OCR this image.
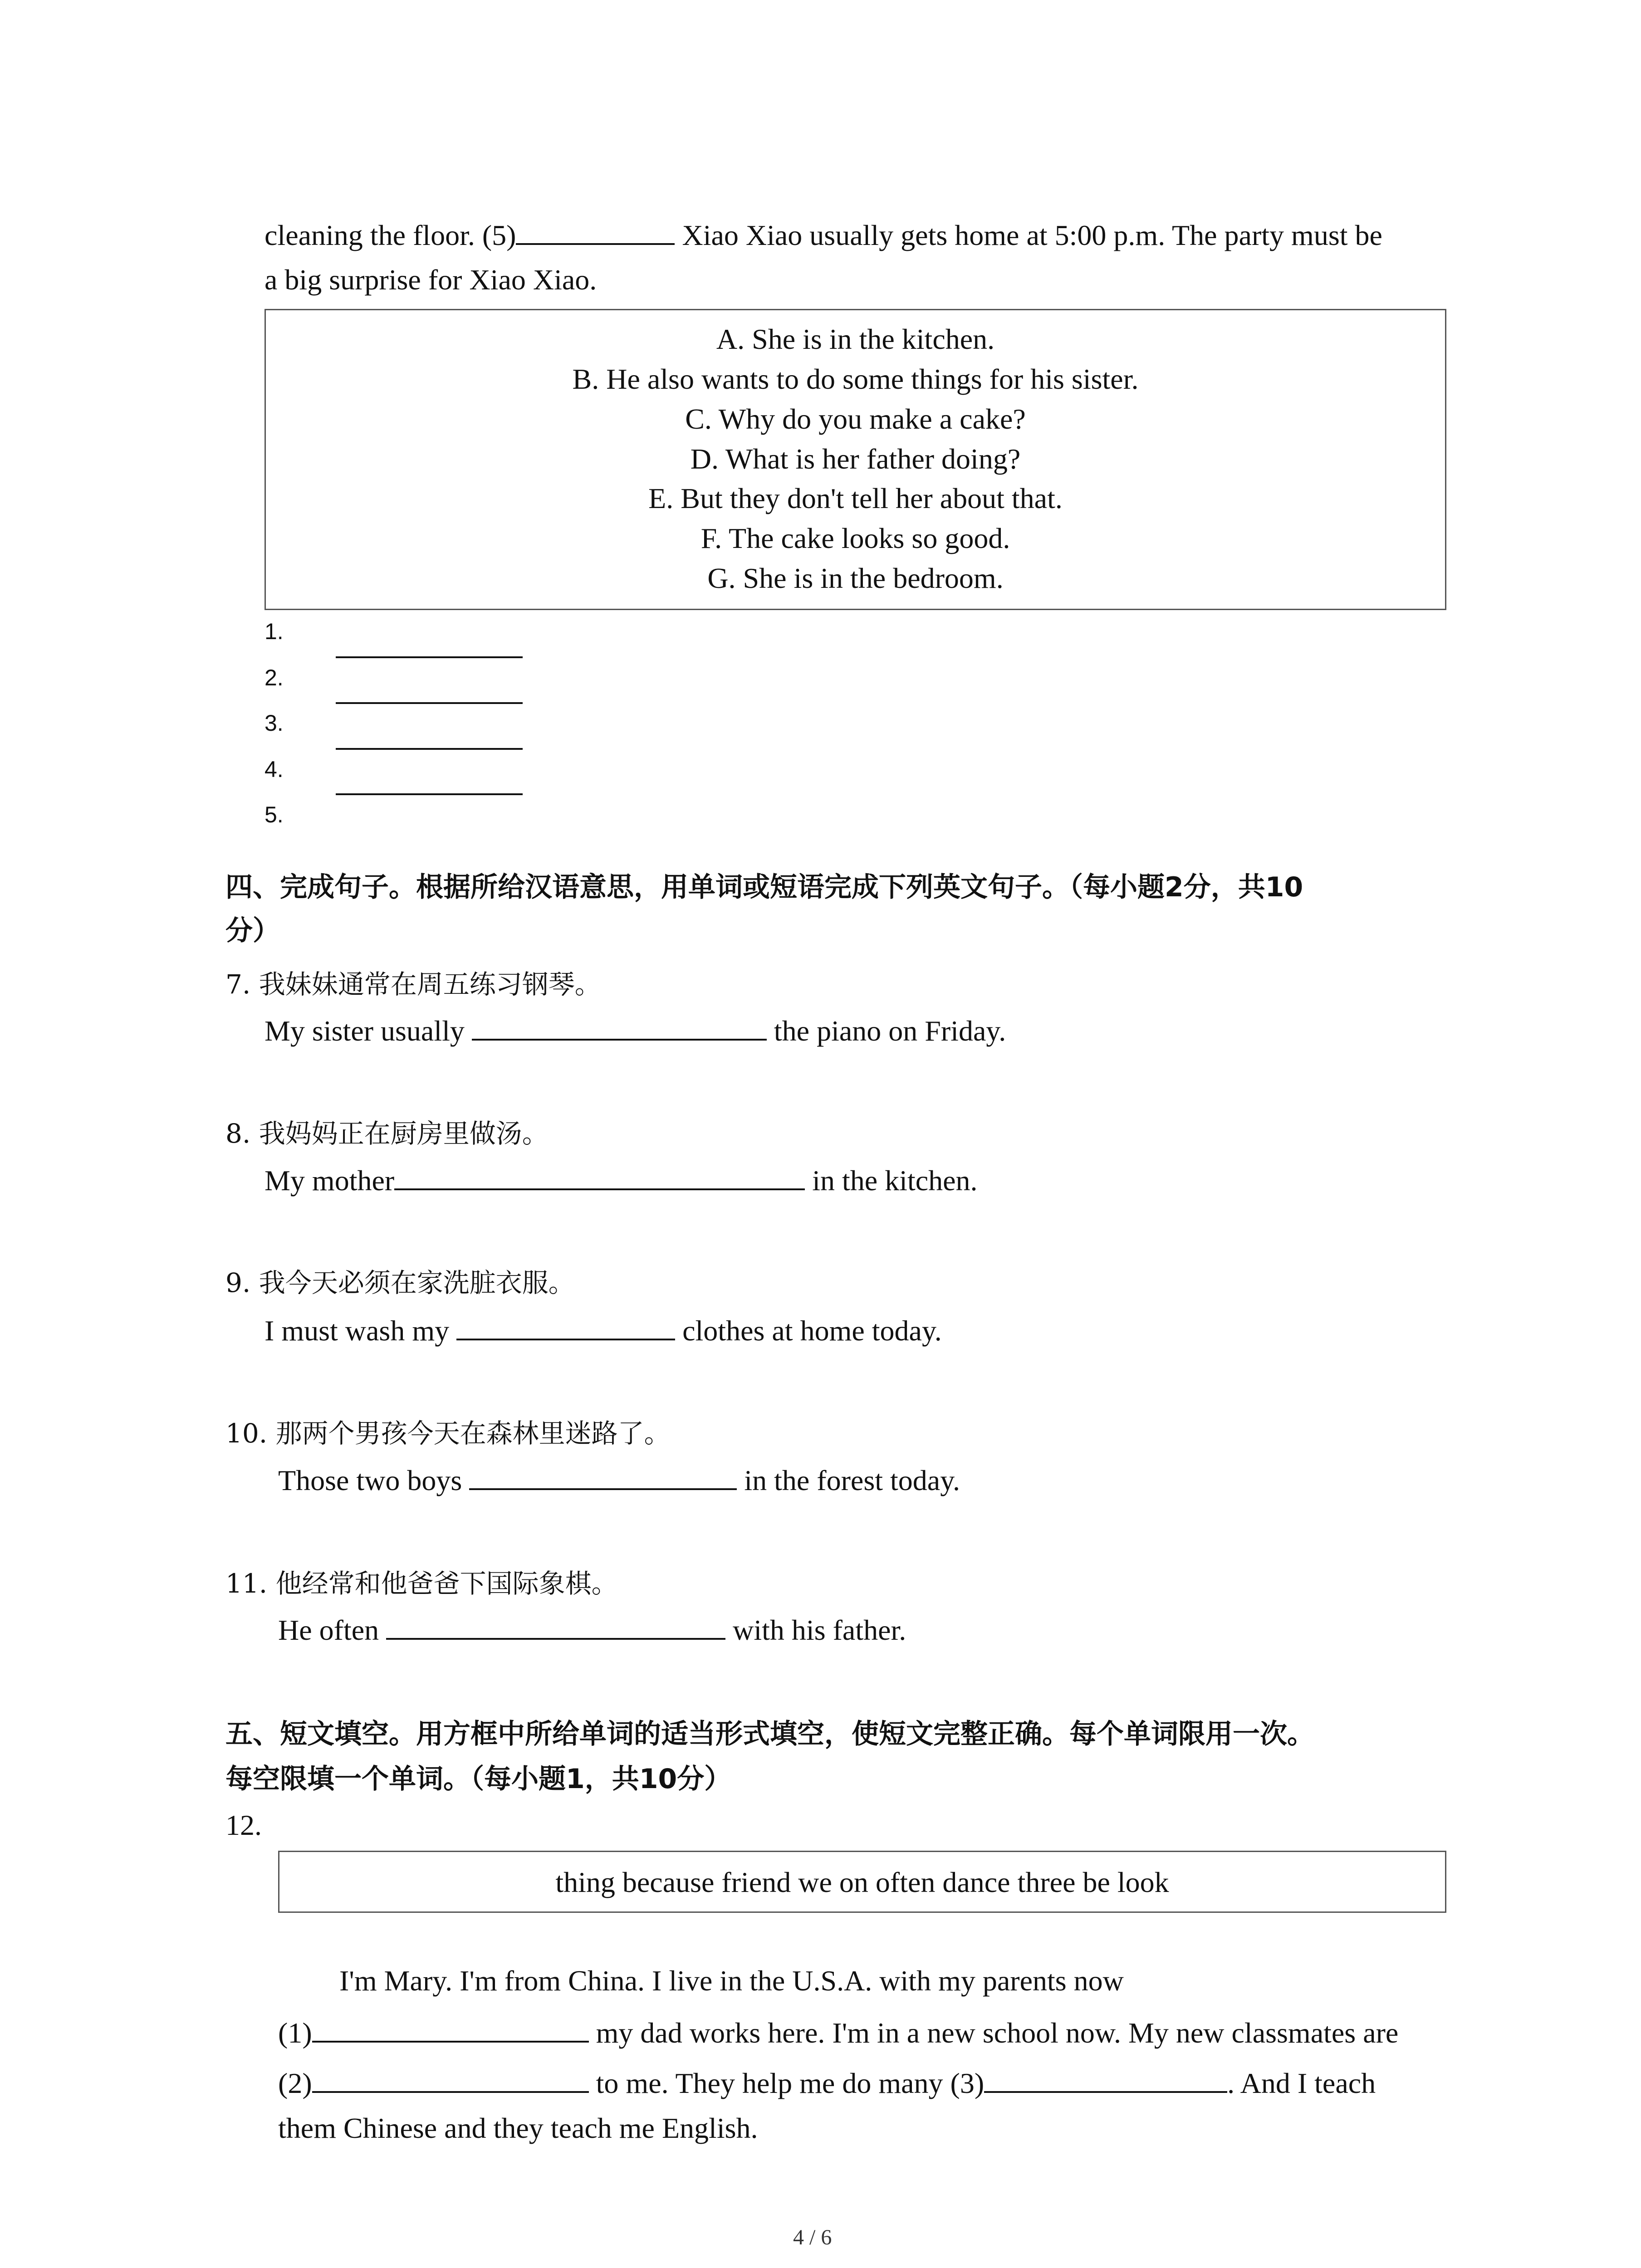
cleaning the floor. (5)	Xiao Xiao usually gets home at 5:00 p.m. The party must be
a big surprise for Xiao Xiao.
A. She is in the kitchen.
B. He also wants to do some things for his sister.
C. Why do you make a cake?
D. What is her father doing?
E. But they don't tell her about that.
F. The cake looks so good.
G. She is in the bedroom.
1.
2.
3.
4.
5.
四、完成句子。根据所给汉语意思，用单词或短语完成下列英文句子。（每小题2分，共10
分）
7. 我妹妹通常在周五练习钢琴。
My sister usually	the piano on Friday.
8. 我妈妈正在厨房里做汤。
My mother	in the kitchen.
9. 我今天必须在家洗脏衣服。
I must wash my	clothes at home today.
10. 那两个男孩今天在森林里迷路了。
Those two boys	in the forest today.
11. 他经常和他爸爸下国际象棋。
He often	with his father.
五、短文填空。用方框中所给单词的适当形式填空，使短文完整正确。每个单词限用一次。
每空限填一个单词。（每小题1，共10分）
12.
thing because friend we on often dance three be look
I'm Mary. I'm from China. I live in the U.S.A. with my parents now
(1)	my dad works here. I'm in a new school now. My new classmates are
(2)	to me. They help me do many (3)	. And I teach
them Chinese and they teach me English.
4 / 6
